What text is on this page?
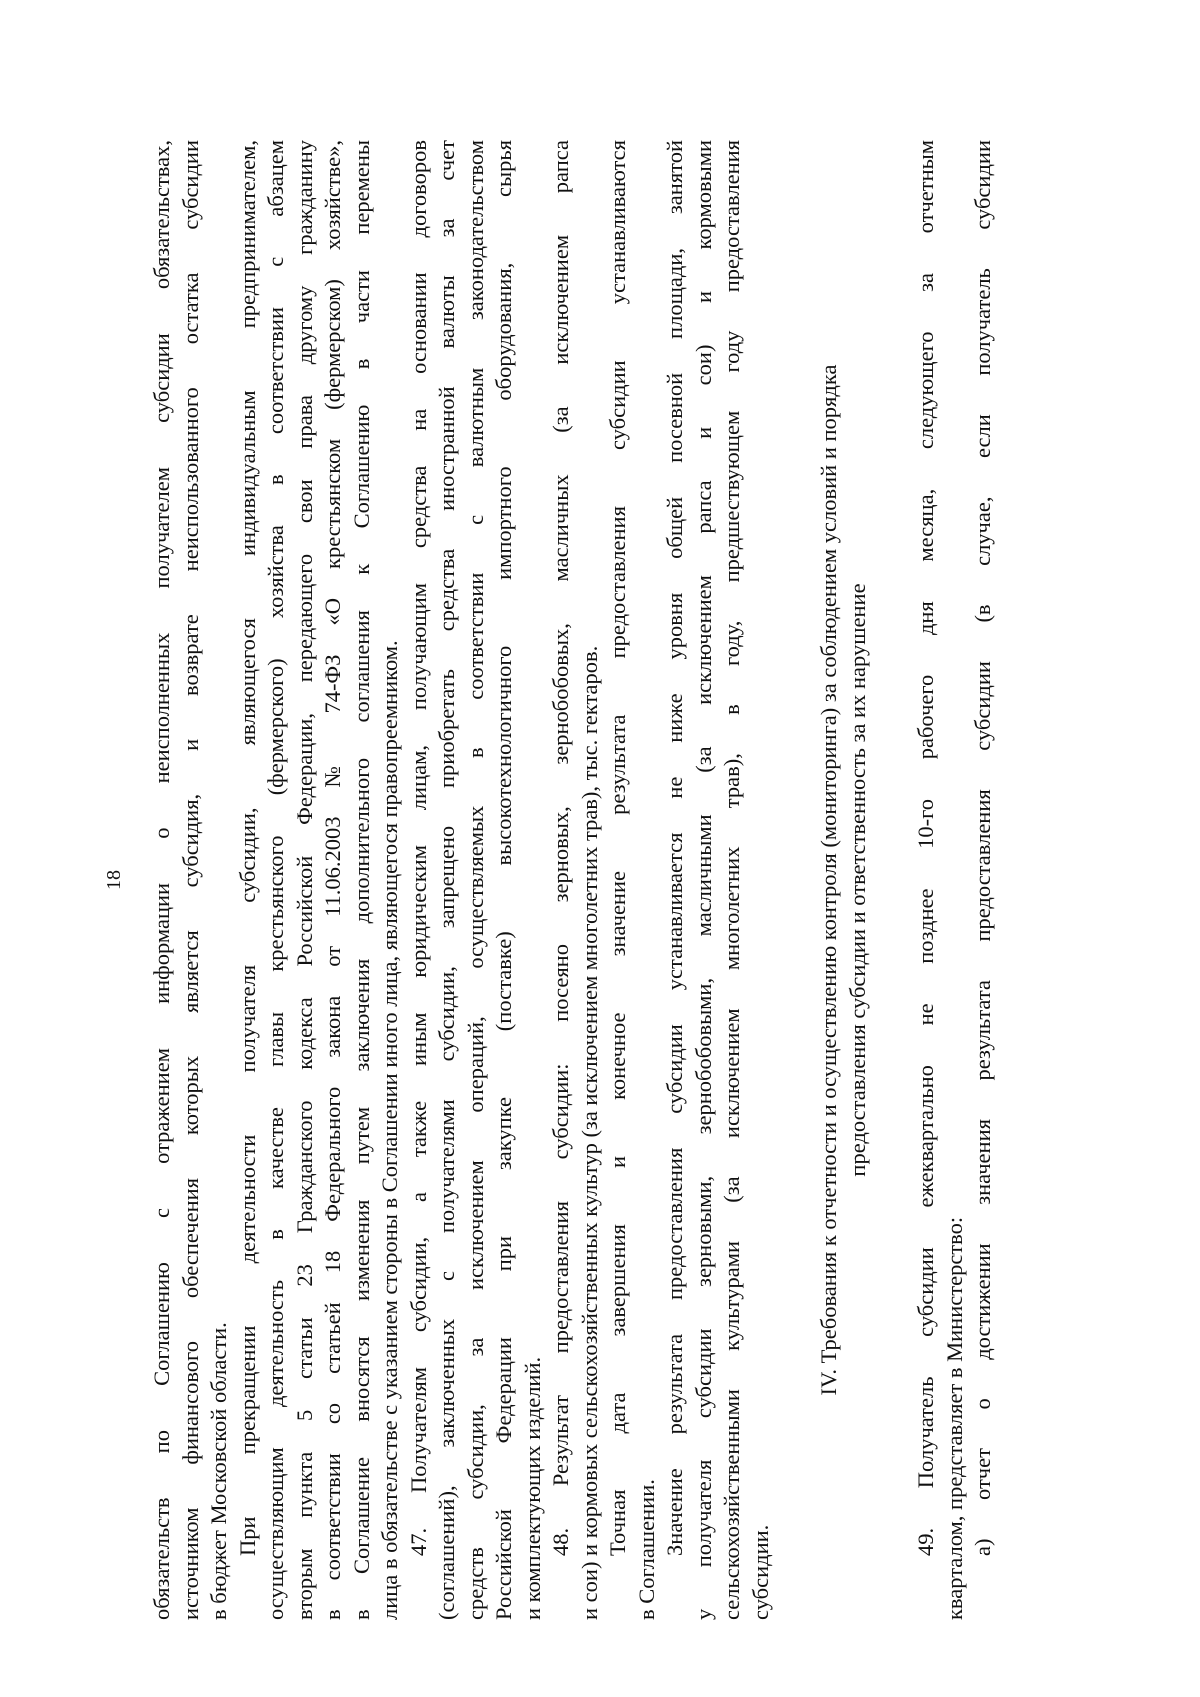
18 обязательств по Соглашению с отражением информации о неисполненных получателем субсидии обязательствах, источником финансового обеспечения которых является субсидия, и возврате неиспользованного остатка субсидии в бюджет Московской области. При прекращении деятельности получателя субсидии, являющегося индивидуальным предпринимателем, осуществляющим деятельность в качестве главы крестьянского (фермерского) хозяйства в соответствии с абзацем вторым пункта 5 статьи 23 Гражданского кодекса Российской Федерации, передающего свои права другому гражданину в соответствии со статьей 18 Федерального закона от 11.06.2003 № 74-ФЗ «О крестьянском (фермерском) хозяйстве», в Соглашение вносятся изменения путем заключения дополнительного соглашения к Соглашению в части перемены лица в обязательстве с указанием стороны в Соглашении иного лица, являющегося правопреемником. 47. Получателям субсидии, а также иным юридическим лицам, получающим средства на основании договоров (соглашений), заключенных с получателями субсидии, запрещено приобретать средства иностранной валюты за счет средств субсидии, за исключением операций, осуществляемых в соответствии с валютным законодательством Российской Федерации при закупке (поставке) высокотехнологичного импортного оборудования, сырья и комплектующих изделий. 48. Результат предоставления субсидии: посеяно зерновых, зернобобовых, масличных (за исключением рапса и сои) и кормовых сельскохозяйственных культур (за исключением многолетних трав), тыс. гектаров. Точная дата завершения и конечное значение результата предоставления субсидии устанавливаются в Соглашении. Значение результата предоставления субсидии устанавливается не ниже уровня общей посевной площади, занятой у получателя субсидии зерновыми, зернобобовыми, масличными (за исключением рапса и сои) и кормовыми сельскохозяйственными культурами (за исключением многолетних трав), в году, предшествующем году предоставления субсидии.
IV. Требования к отчетности и осуществлению контроля (мониторинга) за соблюдением условий и порядка предоставления субсидии и ответственность за их нарушение 49. Получатель субсидии ежеквартально не позднее 10-го рабочего дня месяца, следующего за отчетным кварталом, представляет в Министерство: а) отчет о достижении значения результата предоставления субсидии (в случае, если получатель субсидии
